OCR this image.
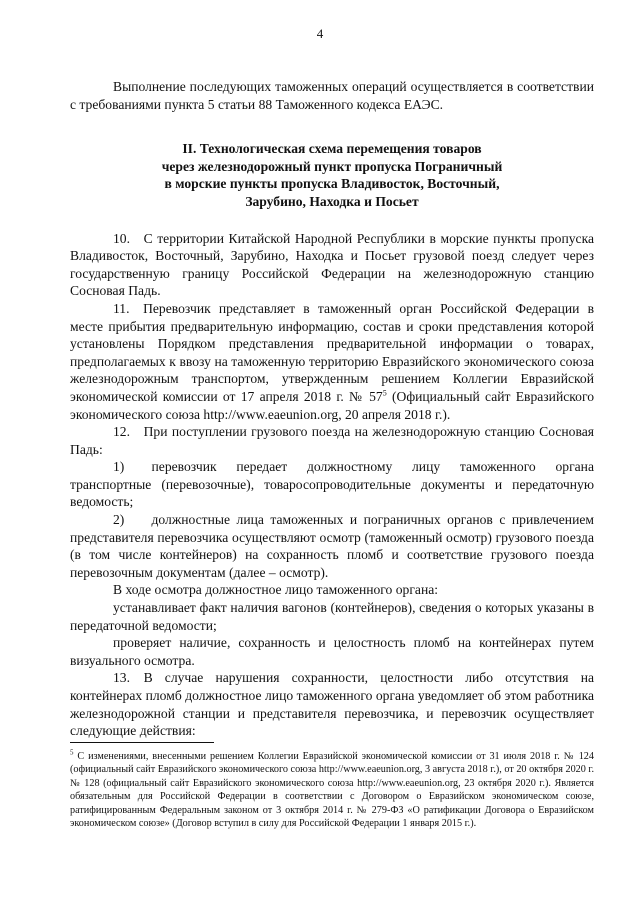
4

Выполнение последующих таможенных операций осуществляется в соответствии с требованиями пункта 5 статьи 88 Таможенного кодекса ЕАЭС.

II. Технологическая схема перемещения товаров
через железнодорожный пункт пропуска Пограничный
в морские пункты пропуска Владивосток, Восточный,
Зарубино, Находка и Посьет

10. С территории Китайской Народной Республики в морские пункты пропуска Владивосток, Восточный, Зарубино, Находка и Посьет грузовой поезд следует через государственную границу Российской Федерации на железнодорожную станцию Сосновая Падь.

11. Перевозчик представляет в таможенный орган Российской Федерации в месте прибытия предварительную информацию, состав и сроки представления которой установлены Порядком представления предварительной информации о товарах, предполагаемых к ввозу на таможенную территорию Евразийского экономического союза железнодорожным транспортом, утвержденным решением Коллегии Евразийской экономической комиссии от 17 апреля 2018 г. № $57^5$ (Официальный сайт Евразийского экономического союза http://www.eaeunion.org, 20 апреля 2018 г.).

12. При поступлении грузового поезда на железнодорожную станцию Сосновая Падь:

1)  перевозчик передает должностному лицу таможенного органа транспортные (перевозочные), товаросопроводительные документы и передаточную ведомость;

2)  должностные лица таможенных и пограничных органов с привлечением представителя перевозчика осуществляют осмотр (таможенный осмотр) грузового поезда (в том числе контейнеров) на сохранность пломб и соответствие грузового поезда перевозочным документам (далее – осмотр).

В ходе осмотра должностное лицо таможенного органа:

устанавливает факт наличия вагонов (контейнеров), сведения о которых указаны в передаточной ведомости;

проверяет наличие, сохранность и целостность пломб на контейнерах путем визуального осмотра.

13. В случае нарушения сохранности, целостности либо отсутствия на контейнерах пломб должностное лицо таможенного органа уведомляет об этом работника железнодорожной станции и представителя перевозчика, и перевозчик осуществляет следующие действия:

$^5$ С изменениями, внесенными решением Коллегии Евразийской экономической комиссии от 31 июля 2018 г. № 124 (официальный сайт Евразийского экономического союза http://www.eaeunion.org, 3 августа 2018 г.), от 20 октября 2020 г. № 128 (официальный сайт Евразийского экономического союза http://www.eaeunion.org, 23 октября 2020 г.). Является обязательным для Российской Федерации в соответствии с Договором о Евразийском экономическом союзе, ратифицированным Федеральным законом от 3 октября 2014 г. № 279-ФЗ «О ратификации Договора о Евразийском экономическом союзе» (Договор вступил в силу для Российской Федерации 1 января 2015 г.).
